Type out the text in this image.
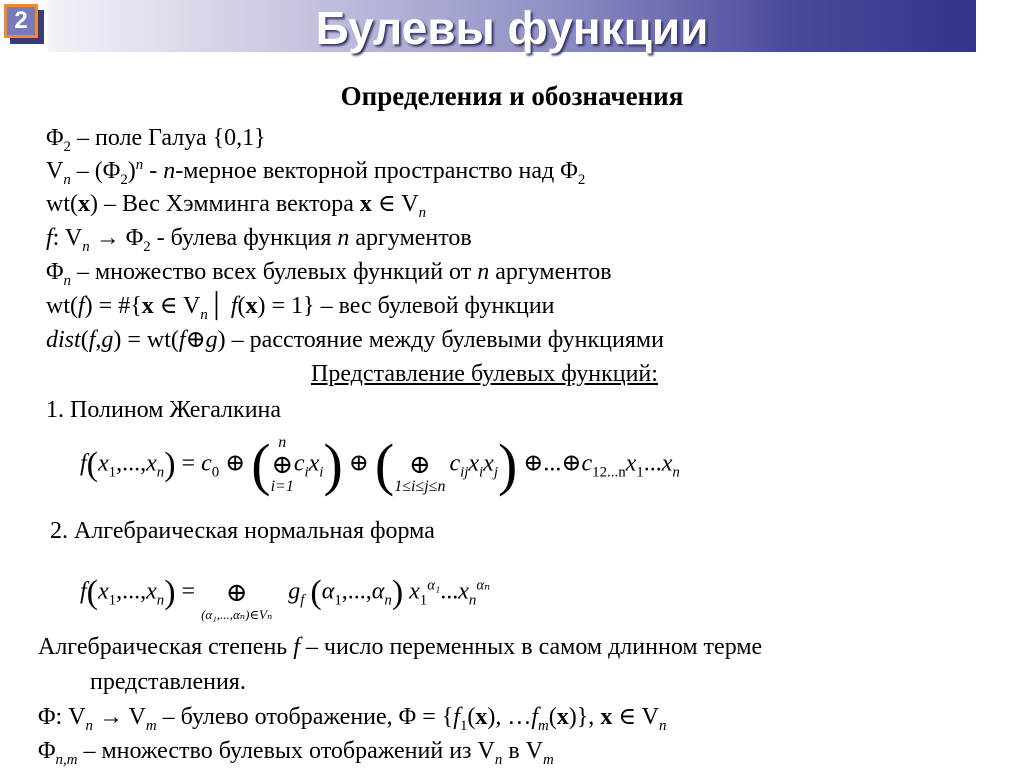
2	Булевы функции
Определения и обозначения
$\Phi_2$ – поле Галуа {0,1}
$V_n - (\Phi_2)^n$ - n-мерное векторной пространство над $\Phi_2$
wt(x) – Вес Хэмминга вектора x ∈ $V_n$
f: $V_n \to \Phi_2$ - булева функция n аргументов
$\Phi_n$ – множество всех булевых функций от n аргументов
wt(f) = #{x ∈ $V_n│$ f(x) = 1} – вес булевой функции
dist(f,g) = wt(f⊕g) – расстояние между булевыми функциями
Представление булевых функций:
1. Полином Жегалкина
$f(x_1,...,x_n) = c_0$ ⊕ ( n
⊕
i=1
$c_ix_i$) ⊕ (
⊕
1≤i≤j≤n
$c_{ij}x_ix_j$) $\oplus...\oplus c_{12...n}x_1...x_n$
2. Алгебраическая нормальная форма
$f(x_1,...,x_n)$ =
	⊕
(α₁,...,αₙ)∈Vₙ
$g_f$ $(\alpha_1,...,\alpha_n)$ $x_1^{\alpha_1}...x_n^{\alpha_n}$
Алгебраическая степень f – число переменных в самом длинном терме
представления.
Φ: $V_n \to V_m$ – булево отображение, $\Phi = \{f_1(x)$, $\dots f_m(x)$}, x ∈ $V_n$
$\Phi_{n,m}$ – множество булевых отображений из $V_n$ в $V_m$
